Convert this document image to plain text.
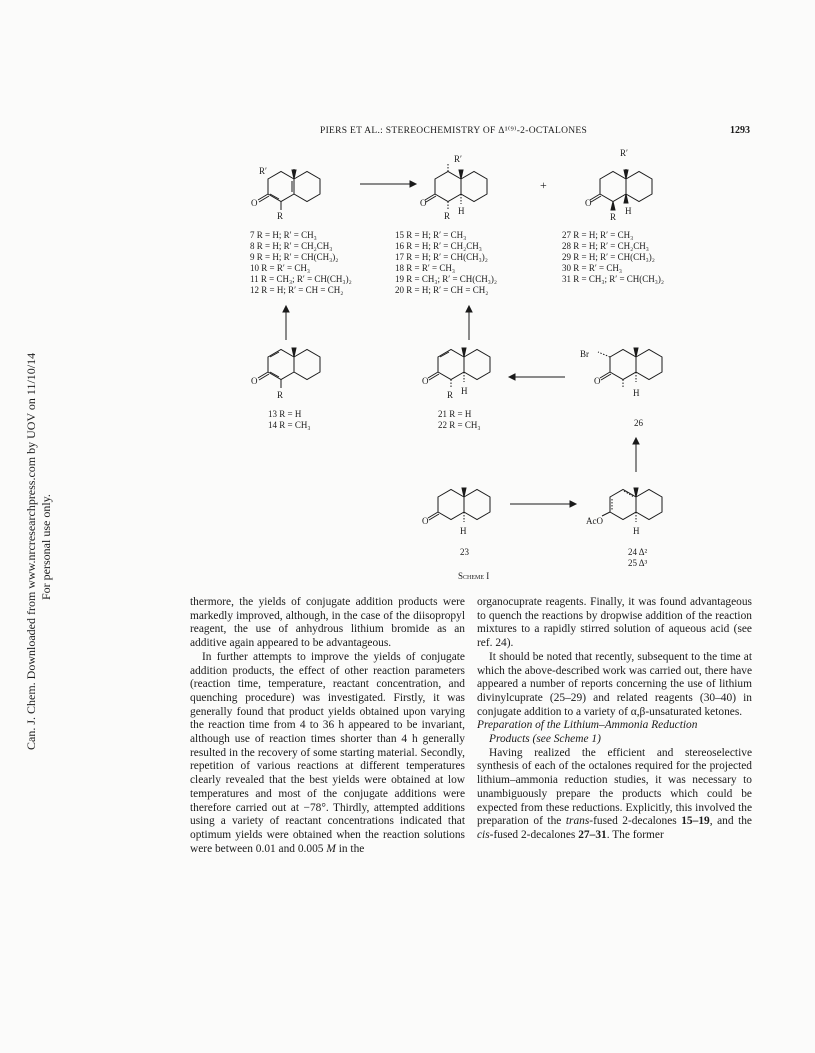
PIERS ET AL.: STEREOCHEMISTRY OF Δ¹⁽⁹⁾-2-OCTALONES	1293
Can. J. Chem. Downloaded from www.nrcresearchpress.com by UOV on 11/10/14 For personal use only.
R′
O
R
R′
O
R H
+
R′
O
R
H
7 R = H; R′ = CH₃
8 R = H; R′ = CH₂CH₃
9 R = H; R′ = CH(CH₃)₂
10 R = R′ = CH₃
11 R = CH₃; R′ = CH(CH₃)₂
12 R = H; R′ = CH = CH₂
15 R = H; R′ = CH₃
16 R = H; R′ = CH₂CH₃
17 R = H; R′ = CH(CH₃)₂
18 R = R′ = CH₃
19 R = CH₃; R′ = CH(CH₃)₂
20 R = H; R′ = CH = CH₂
27 R = H; R′ = CH₃
28 R = H; R′ = CH₂CH₃
29 R = H; R′ = CH(CH₃)₂
30 R = R′ = CH₃
31 R = CH₃; R′ = CH(CH₃)₂
O
R
13 R = H
14 R = CH₃
O
R H
21 R = H
22 R = CH₃
Br
O
H
26
O
H
23
AcO
H
24 Δ²
25 Δ³
Scheme I

thermore, the yields of conjugate addition products were markedly improved, although, in the case of the diisopropyl reagent, the use of anhydrous lithium bromide as an additive again appeared to be advantageous.

In further attempts to improve the yields of conjugate addition products, the effect of other reaction parameters (reaction time, temperature, reactant concentration, and quenching procedure) was investigated. Firstly, it was generally found that product yields obtained upon varying the reaction time from 4 to 36 h appeared to be invariant, although use of reaction times shorter than 4 h generally resulted in the recovery of some starting material. Secondly, repetition of various reactions at different temperatures clearly revealed that the best yields were obtained at low temperatures and most of the conjugate additions were therefore carried out at −78°. Thirdly, attempted additions using a variety of reactant concentrations indicated that optimum yields were obtained when the reaction solutions were between 0.01 and 0.005 M in the

organocuprate reagents. Finally, it was found advantageous to quench the reactions by dropwise addition of the reaction mixtures to a rapidly stirred solution of aqueous acid (see ref. 24).

It should be noted that recently, subsequent to the time at which the above-described work was carried out, there have appeared a number of reports concerning the use of lithium divinylcuprate (25–29) and related reagents (30–40) in conjugate addition to a variety of α,β-unsaturated ketones.

Preparation of the Lithium–Ammonia Reduction

Products (see Scheme 1)

Having realized the efficient and stereoselective synthesis of each of the octalones required for the projected lithium–ammonia reduction studies, it was necessary to unambiguously prepare the products which could be expected from these reductions. Explicitly, this involved the preparation of the trans-fused 2-decalones 15–19, and the cis-fused 2-decalones 27–31. The former
